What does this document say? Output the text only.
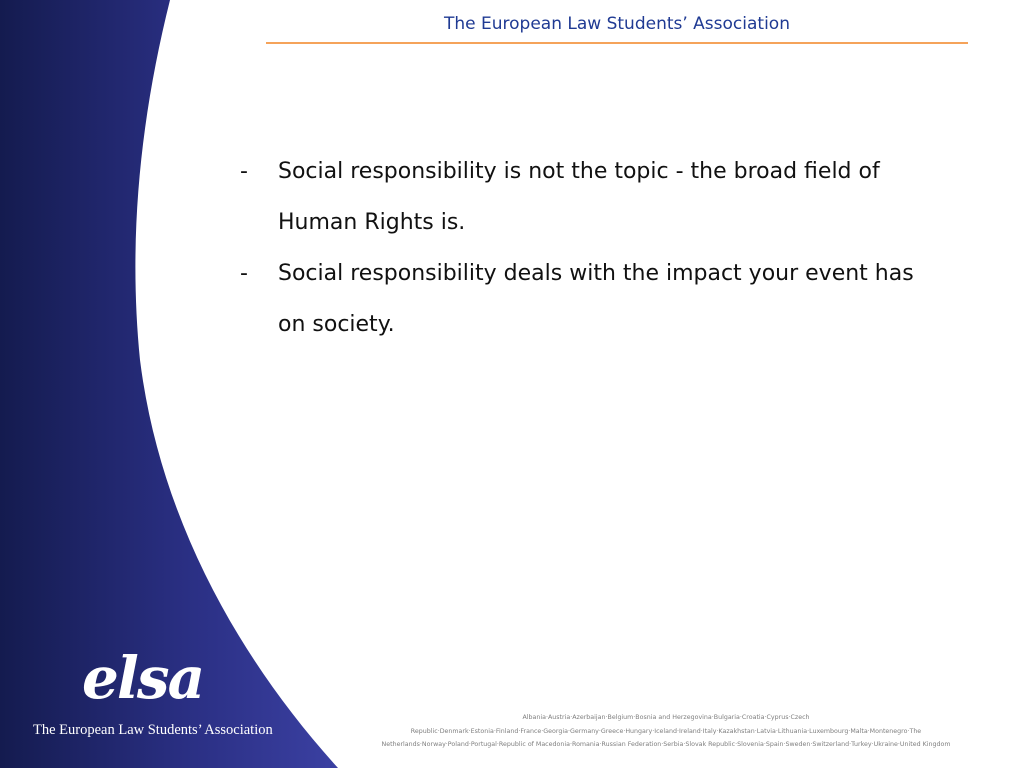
The European Law Students’ Association
- Social responsibility is not the topic - the broad field of Human Rights is.
- Social responsibility deals with the impact your event has on society.
elsa
The European Law Students’ Association
Albania·Austria·Azerbaijan·Belgium·Bosnia and Herzegovina·Bulgaria·Croatia·Cyprus·Czech Republic·Denmark·Estonia·Finland·France·Georgia·Germany·Greece·Hungary·Iceland·Ireland·Italy·Kazakhstan·Latvia·Lithuania·Luxembourg·Malta·Montenegro·The Netherlands·Norway·Poland·Portugal·Republic of Macedonia·Romania·Russian Federation·Serbia·Slovak Republic·Slovenia·Spain·Sweden·Switzerland·Turkey·Ukraine·United Kingdom
